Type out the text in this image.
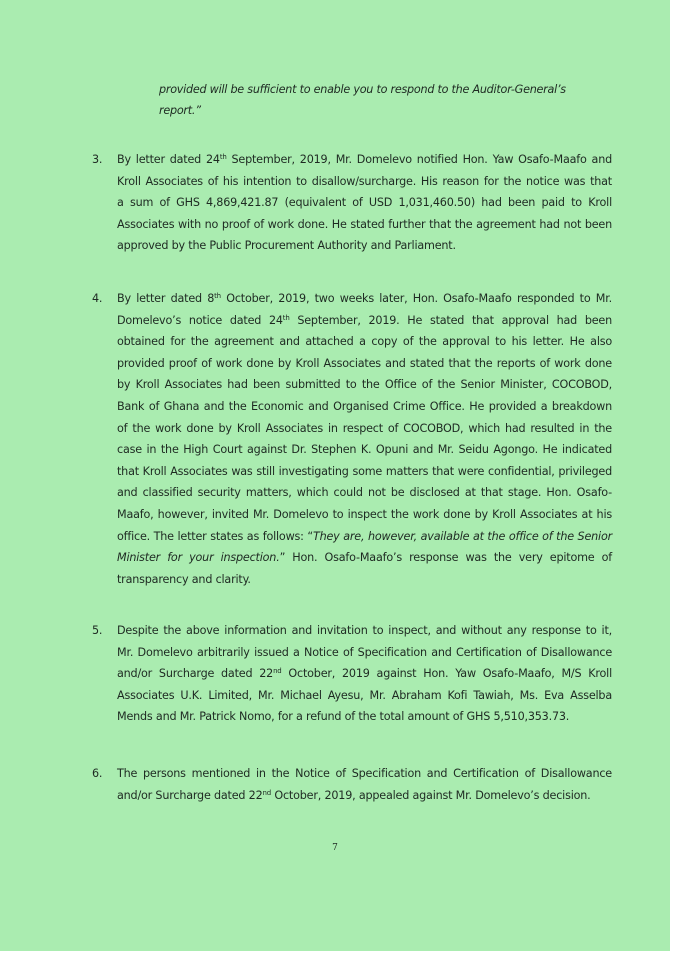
provided will be sufficient to enable you to respond to the Auditor-General’s
report.”
3.	By letter dated 24th September, 2019, Mr. Domelevo notified Hon. Yaw Osafo-Maafo and
Kroll Associates of his intention to disallow/surcharge. His reason for the notice was that
a sum of GHS 4,869,421.87 (equivalent of USD 1,031,460.50) had been paid to Kroll
Associates with no proof of work done. He stated further that the agreement had not been
approved by the Public Procurement Authority and Parliament.
4.	By letter dated 8th October, 2019, two weeks later, Hon. Osafo-Maafo responded to Mr.
Domelevo’s notice dated 24th September, 2019. He stated that approval had been
obtained for the agreement and attached a copy of the approval to his letter. He also
provided proof of work done by Kroll Associates and stated that the reports of work done
by Kroll Associates had been submitted to the Office of the Senior Minister, COCOBOD,
Bank of Ghana and the Economic and Organised Crime Office. He provided a breakdown
of the work done by Kroll Associates in respect of COCOBOD, which had resulted in the
case in the High Court against Dr. Stephen K. Opuni and Mr. Seidu Agongo. He indicated
that Kroll Associates was still investigating some matters that were confidential, privileged
and classified security matters, which could not be disclosed at that stage. Hon. Osafo-
Maafo, however, invited Mr. Domelevo to inspect the work done by Kroll Associates at his
office. The letter states as follows: “They are, however, available at the office of the Senior
Minister for your inspection.” Hon. Osafo-Maafo’s response was the very epitome of
transparency and clarity.
5.	Despite the above information and invitation to inspect, and without any response to it,
Mr. Domelevo arbitrarily issued a Notice of Specification and Certification of Disallowance
and/or Surcharge dated 22nd October, 2019 against Hon. Yaw Osafo-Maafo, M/S Kroll
Associates U.K. Limited, Mr. Michael Ayesu, Mr. Abraham Kofi Tawiah, Ms. Eva Asselba
Mends and Mr. Patrick Nomo, for a refund of the total amount of GHS 5,510,353.73.
6.	The persons mentioned in the Notice of Specification and Certification of Disallowance
and/or Surcharge dated 22nd October, 2019, appealed against Mr. Domelevo’s decision.
7
